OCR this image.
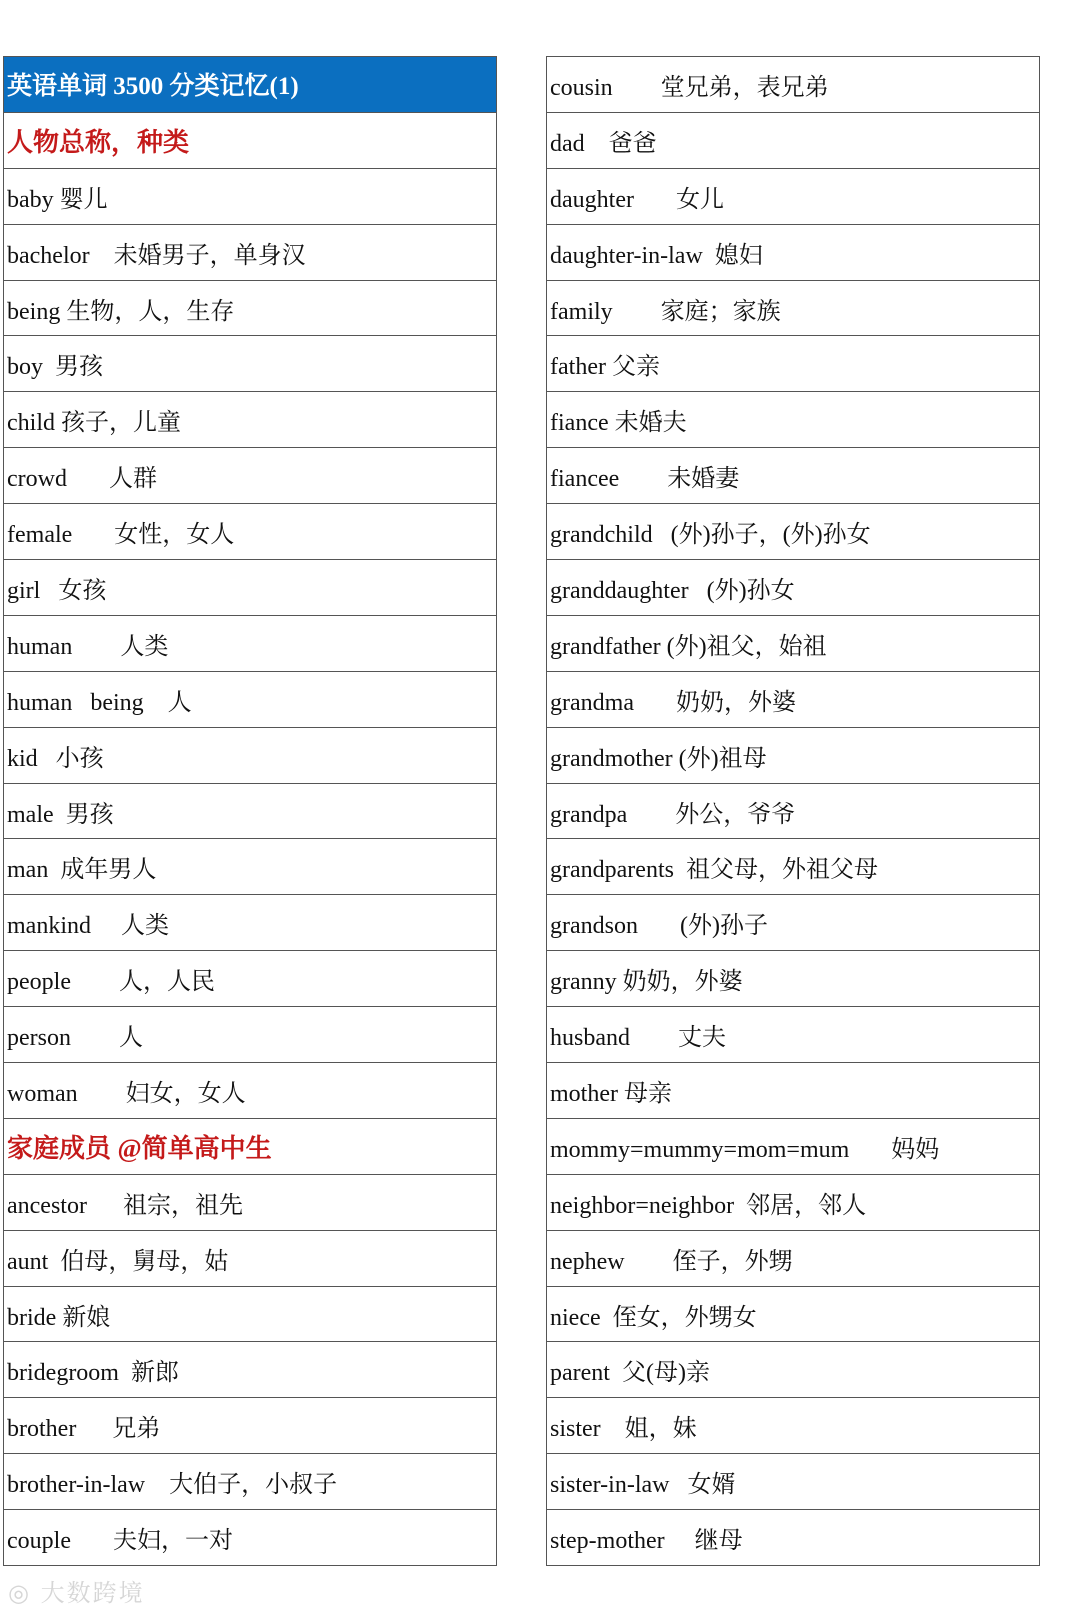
英语单词 3500 分类记忆(1)
人物总称，种类
baby 婴儿
bachelor    未婚男子，单身汉
being 生物，人，生存
boy  男孩
child 孩子，儿童
crowd       人群
female       女性，女人
girl   女孩
human        人类
human   being    人
kid   小孩
male  男孩
man  成年男人
mankind     人类
people        人，人民
person        人
woman        妇女，女人
家庭成员 @简单高中生
ancestor      祖宗，祖先
aunt  伯母，舅母，姑
bride 新娘
bridegroom  新郎
brother      兄弟
brother-in-law    大伯子，小叔子
couple       夫妇，一对
cousin        堂兄弟，表兄弟
dad    爸爸
daughter       女儿
daughter-in-law  媳妇
family        家庭；家族
father 父亲
fiance 未婚夫
fiancee        未婚妻
grandchild   (外)孙子，(外)孙女
granddaughter   (外)孙女
grandfather (外)祖父，始祖
grandma       奶奶，外婆
grandmother (外)祖母
grandpa        外公，爷爷
grandparents  祖父母，外祖父母
grandson       (外)孙子
granny 奶奶，外婆
husband        丈夫
mother 母亲
mommy=mummy=mom=mum       妈妈
neighbor=neighbor  邻居，邻人
nephew        侄子，外甥
niece  侄女，外甥女
parent  父(母)亲
sister    姐，妹
sister-in-law   女婿
step-mother     继母
◎ 大数跨境
